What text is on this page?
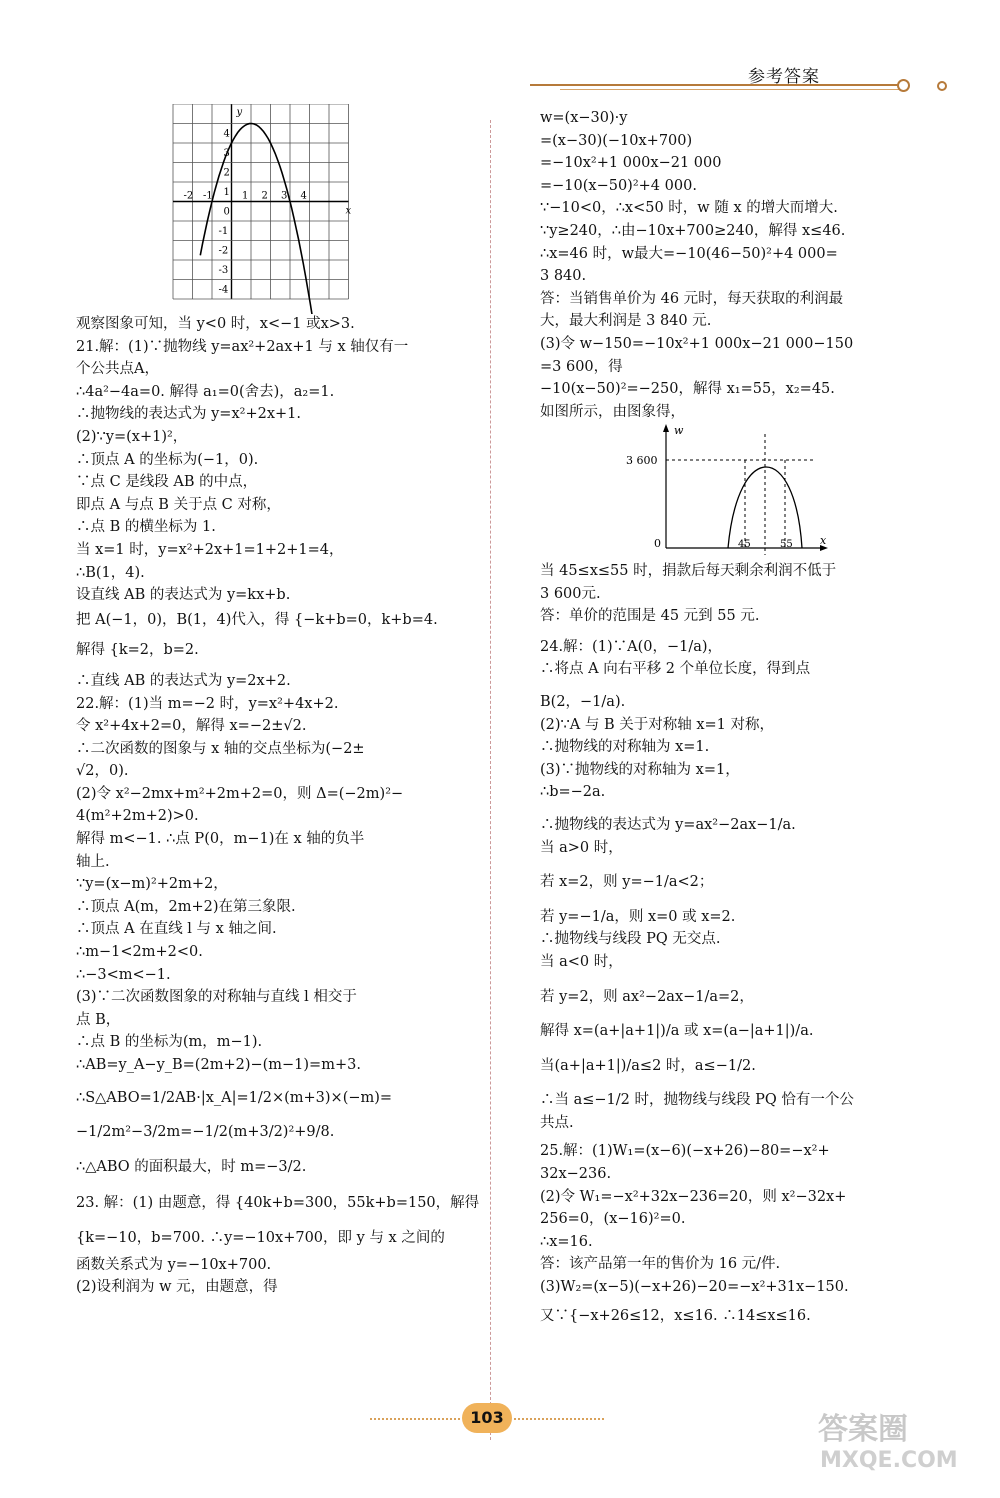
参考答案
-2 -1	1 2 3 4
4
3
2
1
-1
-2
-3
-4
0
y
x
观察图象可知，当 y<0 时，x<−1 或x>3.
21.解：(1)∵抛物线 y=ax²+2ax+1 与 x 轴仅有一
个公共点A，
∴4a²−4a=0. 解得 a₁=0(舍去)，a₂=1.
∴抛物线的表达式为 y=x²+2x+1.
(2)∵y=(x+1)²，
∴顶点 A 的坐标为(−1，0).
∵点 C 是线段 AB 的中点，
即点 A 与点 B 关于点 C 对称，
∴点 B 的横坐标为 1.
当 x=1 时，y=x²+2x+1=1+2+1=4，
∴B(1，4).
设直线 AB 的表达式为 y=kx+b.
把 A(−1，0)，B(1，4)代入，得 {−k+b=0，k+b=4.
解得 {k=2，b=2.
∴直线 AB 的表达式为 y=2x+2.
22.解：(1)当 m=−2 时，y=x²+4x+2.
令 x²+4x+2=0，解得 x=−2±√2.
∴二次函数的图象与 x 轴的交点坐标为(−2±
√2，0).
(2)令 x²−2mx+m²+2m+2=0，则 Δ=(−2m)²−
4(m²+2m+2)>0.
解得 m<−1. ∴点 P(0，m−1)在 x 轴的负半
轴上.
∵y=(x−m)²+2m+2，
∴顶点 A(m，2m+2)在第三象限.
∴顶点 A 在直线 l 与 x 轴之间.
∴m−1<2m+2<0.
∴−3<m<−1.
(3)∵二次函数图象的对称轴与直线 l 相交于
点 B，
∴点 B 的坐标为(m，m−1).
∴AB=y_A−y_B=(2m+2)−(m−1)=m+3.
∴S△ABO=1/2AB·|x_A|=1/2×(m+3)×(−m)=
−1/2m²−3/2m=−1/2(m+3/2)²+9/8.
∴△ABO 的面积最大，时 m=−3/2.
23. 解：(1) 由题意，得 {40k+b=300，55k+b=150，解得
{k=−10，b=700. ∴y=−10x+700，即 y 与 x 之间的
函数关系式为 y=−10x+700.
(2)设利润为 w 元，由题意，得
w=(x−30)·y
=(x−30)(−10x+700)
=−10x²+1 000x−21 000
=−10(x−50)²+4 000.
∵−10<0，∴x<50 时，w 随 x 的增大而增大.
∵y≥240，∴由−10x+700≥240，解得 x≤46.
∴x=46 时，w最大=−10(46−50)²+4 000=
3 840.
答：当销售单价为 46 元时，每天获取的利润最
大，最大利润是 3 840 元.
(3)令 w−150=−10x²+1 000x−21 000−150
=3 600，得
−10(x−50)²=−250，解得 x₁=55，x₂=45.
如图所示，由图象得，
w
x
0
3 600
45	55
当 45≤x≤55 时，捐款后每天剩余利润不低于
3 600元.
答：单价的范围是 45 元到 55 元.
24.解：(1)∵A(0，−1/a)，
∴将点 A 向右平移 2 个单位长度，得到点
B(2，−1/a).
(2)∵A 与 B 关于对称轴 x=1 对称，
∴抛物线的对称轴为 x=1.
(3)∵抛物线的对称轴为 x=1，
∴b=−2a.
∴抛物线的表达式为 y=ax²−2ax−1/a.
当 a>0 时，
若 x=2，则 y=−1/a<2；
若 y=−1/a，则 x=0 或 x=2.
∴抛物线与线段 PQ 无交点.
当 a<0 时，
若 y=2，则 ax²−2ax−1/a=2，
解得 x=(a+|a+1|)/a 或 x=(a−|a+1|)/a.
当(a+|a+1|)/a≤2 时，a≤−1/2.
∴当 a≤−1/2 时，抛物线与线段 PQ 恰有一个公
共点.
25.解：(1)W₁=(x−6)(−x+26)−80=−x²+
32x−236.
(2)令 W₁=−x²+32x−236=20，则 x²−32x+
256=0，(x−16)²=0.
∴x=16.
答：该产品第一年的售价为 16 元/件.
(3)W₂=(x−5)(−x+26)−20=−x²+31x−150.
又∵{−x+26≤12，x≤16. ∴14≤x≤16.
103	答案圈
MXQE.COM
